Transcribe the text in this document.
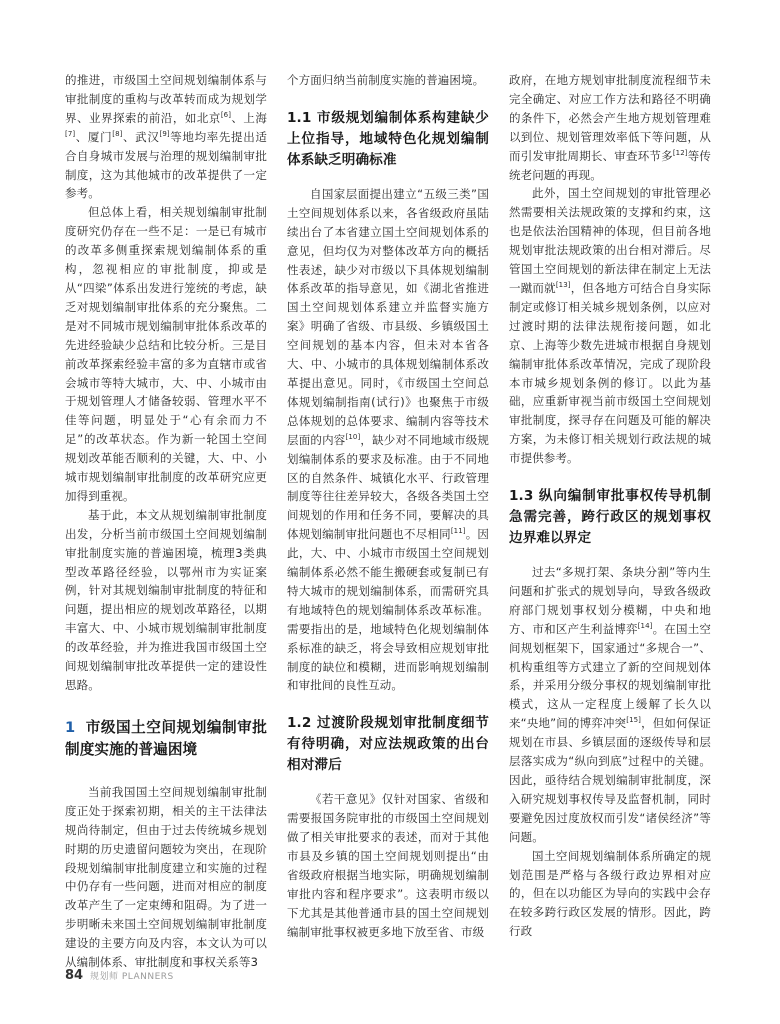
的推进，市级国土空间规划编制体系与审批制度的重构与改革转而成为规划学界、业界探索的前沿，如北京[6]、上海[7]、厦门[8]、武汉[9]等地均率先提出适合自身城市发展与治理的规划编制审批制度，这为其他城市的改革提供了一定参考。

但总体上看，相关规划编制审批制度研究仍存在一些不足：一是已有城市的改革多侧重探索规划编制体系的重构，忽视相应的审批制度，抑或是从“四梁”体系出发进行笼统的考虑，缺乏对规划编制审批体系的充分聚焦。二是对不同城市规划编制审批体系改革的先进经验缺少总结和比较分析。三是目前改革探索经验丰富的多为直辖市或省会城市等特大城市，大、中、小城市由于规划管理人才储备较弱、管理水平不佳等问题，明显处于“心有余而力不足”的改革状态。作为新一轮国土空间规划改革能否顺利的关键，大、中、小城市规划编制审批制度的改革研究应更加得到重视。

基于此，本文从规划编制审批制度出发，分析当前市级国土空间规划编制审批制度实施的普遍困境，梳理3类典型改革路径经验，以鄂州市为实证案例，针对其规划编制审批制度的特征和问题，提出相应的规划改革路径，以期丰富大、中、小城市规划编制审批制度的改革经验，并为推进我国市级国土空间规划编制审批改革提供一定的建设性思路。

1 市级国土空间规划编制审批制度实施的普遍困境

当前我国国土空间规划编制审批制度正处于探索初期，相关的主干法律法规尚待制定，但由于过去传统城乡规划时期的历史遗留问题较为突出，在现阶段规划编制审批制度建立和实施的过程中仍存有一些问题，进而对相应的制度改革产生了一定束缚和阻碍。为了进一步明晰未来国土空间规划编制审批制度建设的主要方向及内容，本文认为可以从编制体系、审批制度和事权关系等3

个方面归纳当前制度实施的普遍困境。

1.1 市级规划编制体系构建缺少上位指导，地域特色化规划编制体系缺乏明确标准

自国家层面提出建立“五级三类”国土空间规划体系以来，各省级政府虽陆续出台了本省建立国土空间规划体系的意见，但均仅为对整体改革方向的概括性表述，缺少对市级以下具体规划编制体系改革的指导意见，如《湖北省推进国土空间规划体系建立并监督实施方案》明确了省级、市县级、乡镇级国土空间规划的基本内容，但未对本省各大、中、小城市的具体规划编制体系改革提出意见。同时，《市级国土空间总体规划编制指南(试行)》也聚焦于市级总体规划的总体要求、编制内容等技术层面的内容[10]，缺少对不同地域市级规划编制体系的要求及标准。由于不同地区的自然条件、城镇化水平、行政管理制度等往往差异较大，各级各类国土空间规划的作用和任务不同，要解决的具体规划编制审批问题也不尽相同[11]。因此，大、中、小城市市级国土空间规划编制体系必然不能生搬硬套或复制已有特大城市的规划编制体系，而需研究具有地域特色的规划编制体系改革标准。需要指出的是，地域特色化规划编制体系标准的缺乏，将会导致相应规划审批制度的缺位和模糊，进而影响规划编制和审批间的良性互动。

1.2 过渡阶段规划审批制度细节有待明确，对应法规政策的出台相对滞后

《若干意见》仅针对国家、省级和需要报国务院审批的市级国土空间规划做了相关审批要求的表述，而对于其他市县及乡镇的国土空间规划则提出“由省级政府根据当地实际，明确规划编制审批内容和程序要求”。这表明市级以下尤其是其他普通市县的国土空间规划编制审批事权被更多地下放至省、市级

政府，在地方规划审批制度流程细节未完全确定、对应工作方法和路径不明确的条件下，必然会产生地方规划管理难以到位、规划管理效率低下等问题，从而引发审批周期长、审查环节多[12]等传统老问题的再现。

此外，国土空间规划的审批管理必然需要相关法规政策的支撑和约束，这也是依法治国精神的体现，但目前各地规划审批法规政策的出台相对滞后。尽管国土空间规划的新法律在制定上无法一蹴而就[13]，但各地方可结合自身实际制定或修订相关城乡规划条例，以应对过渡时期的法律法规衔接问题，如北京、上海等少数先进城市根据自身规划编制审批体系改革情况，完成了现阶段本市城乡规划条例的修订。以此为基础，应重新审视当前市级国土空间规划审批制度，探寻存在问题及可能的解决方案，为未修订相关规划行政法规的城市提供参考。

1.3 纵向编制审批事权传导机制急需完善，跨行政区的规划事权边界难以界定

过去“多规打架、条块分割”等内生问题和扩张式的规划导向，导致各级政府部门规划事权划分模糊，中央和地方、市和区产生利益博弈[14]。在国土空间规划框架下，国家通过“多规合一”、机构重组等方式建立了新的空间规划体系，并采用分级分事权的规划编制审批模式，这从一定程度上缓解了长久以来“央地”间的博弈冲突[15]，但如何保证规划在市县、乡镇层面的逐级传导和层层落实成为“纵向到底”过程中的关键。因此，亟待结合规划编制审批制度，深入研究规划事权传导及监督机制，同时要避免因过度放权而引发“诸侯经济”等问题。

国土空间规划编制体系所确定的规划范围是严格与各级行政边界相对应的，但在以功能区为导向的实践中会存在较多跨行政区发展的情形。因此，跨行政

84 规划师 PLANNERS
